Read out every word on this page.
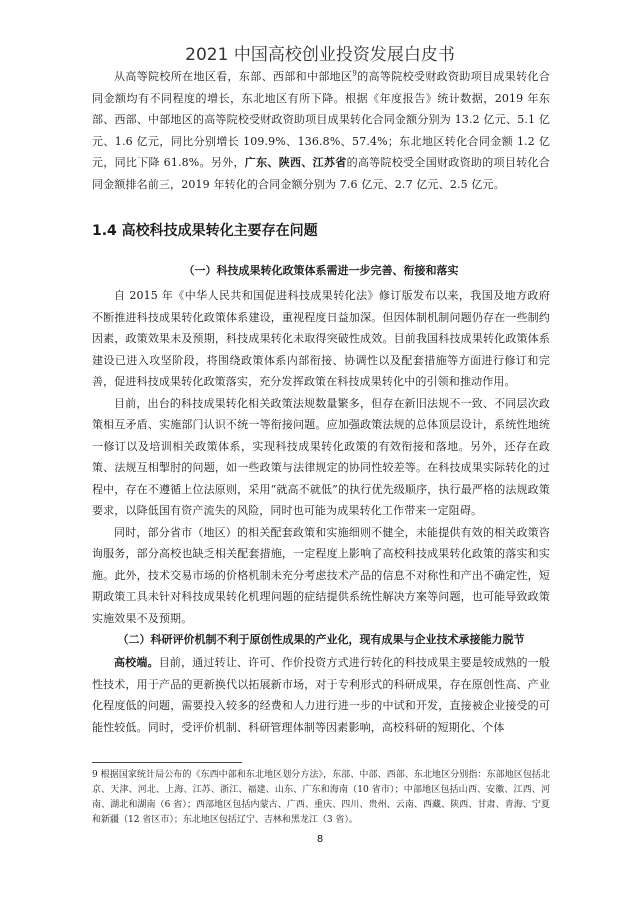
2021 中国高校创业投资发展白皮书

从高等院校所在地区看，东部、西部和中部地区$^9$的高等院校受财政资助项目成果转化合同金额均有不同程度的增长，东北地区有所下降。根据《年度报告》统计数据，2019 年东部、西部、中部地区的高等院校受财政资助项目成果转化合同金额分别为 13.2 亿元、5.1 亿元、1.6 亿元，同比分别增长 109.9%、136.8%、57.4%；东北地区转化合同金额 1.2 亿元，同比下降 61.8%。另外，广东、陕西、江苏省的高等院校受全国财政资助的项目转化合同金额排名前三，2019 年转化的合同金额分别为 7.6 亿元、2.7 亿元、2.5 亿元。

1.4 高校科技成果转化主要存在问题
（一）科技成果转化政策体系需进一步完善、衔接和落实

自 2015 年《中华人民共和国促进科技成果转化法》修订版发布以来，我国及地方政府不断推进科技成果转化政策体系建设，重视程度日益加深。但因体制机制问题仍存在一些制约因素，政策效果未及预期，科技成果转化未取得突破性成效。目前我国科技成果转化政策体系建设已进入攻坚阶段，将围绕政策体系内部衔接、协调性以及配套措施等方面进行修订和完善，促进科技成果转化政策落实，充分发挥政策在科技成果转化中的引领和推动作用。

目前，出台的科技成果转化相关政策法规数量繁多，但存在新旧法规不一致、不同层次政策相互矛盾、实施部门认识不统一等衔接问题。应加强政策法规的总体顶层设计，系统性地统一修订以及培训相关政策体系，实现科技成果转化政策的有效衔接和落地。另外，还存在政策、法规互相掣肘的问题，如一些政策与法律规定的协同性较差等。在科技成果实际转化的过程中，存在不遵循上位法原则，采用“就高不就低”的执行优先级顺序，执行最严格的法规政策要求，以降低国有资产流失的风险，同时也可能为成果转化工作带来一定阻碍。

同时，部分省市（地区）的相关配套政策和实施细则不健全，未能提供有效的相关政策咨询服务，部分高校也缺乏相关配套措施，一定程度上影响了高校科技成果转化政策的落实和实施。此外，技术交易市场的价格机制未充分考虑技术产品的信息不对称性和产出不确定性，短期政策工具未针对科技成果转化机理问题的症结提供系统性解决方案等问题，也可能导致政策实施效果不及预期。

（二）科研评价机制不利于原创性成果的产业化，现有成果与企业技术承接能力脱节

高校端。目前，通过转让、许可、作价投资方式进行转化的科技成果主要是较成熟的一般性技术，用于产品的更新换代以拓展新市场，对于专利形式的科研成果，存在原创性高、产业化程度低的问题，需要投入较多的经费和人力进行进一步的中试和开发，直接被企业接受的可能性较低。同时，受评价机制、科研管理体制等因素影响，高校科研的短期化、个体

9 根据国家统计局公布的《东西中部和东北地区划分方法》，东部、中部、西部、东北地区分别指：东部地区包括北京、天津、河北、上海、江苏、浙江、福建、山东、广东和海南（10 省市）；中部地区包括山西、安徽、江西、河南、湖北和湖南（6 省）；西部地区包括内蒙古、广西、重庆、四川、贵州、云南、西藏、陕西、甘肃、青海、宁夏和新疆（12 省区市）；东北地区包括辽宁、吉林和黑龙江（3 省）。
8
